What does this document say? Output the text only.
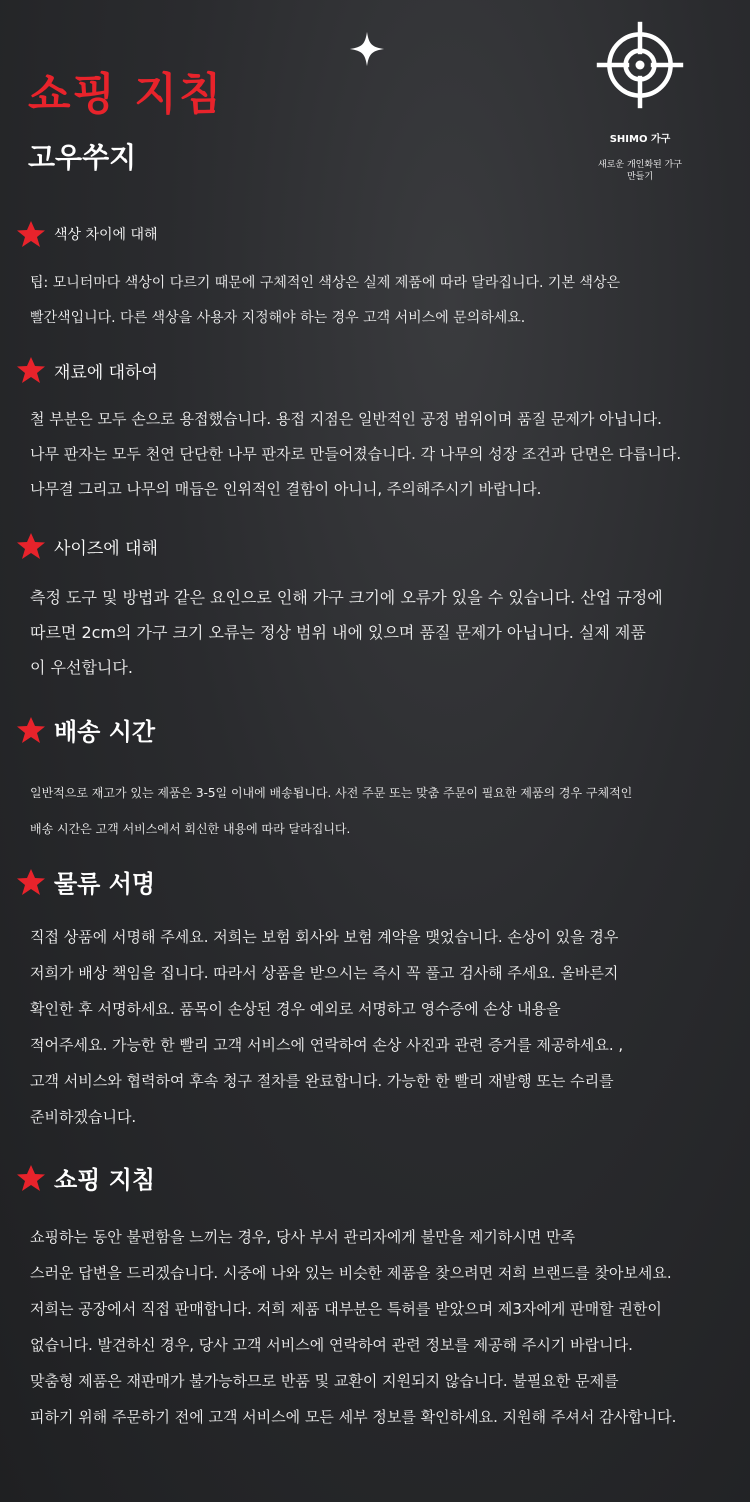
쇼핑 지침
고우쑤지
SHIMO 가구
새로운 개인화된 가구
만들기
색상 차이에 대해

팁: 모니터마다 색상이 다르기 때문에 구체적인 색상은 실제 제품에 따라 달라집니다. 기본 색상은
빨간색입니다. 다른 색상을 사용자 지정해야 하는 경우 고객 서비스에 문의하세요.

재료에 대하여

철 부분은 모두 손으로 용접했습니다. 용접 지점은 일반적인 공정 범위이며 품질 문제가 아닙니다.
나무 판자는 모두 천연 단단한 나무 판자로 만들어졌습니다. 각 나무의 성장 조건과 단면은 다릅니다.
나무결 그리고 나무의 매듭은 인위적인 결함이 아니니, 주의해주시기 바랍니다.

사이즈에 대해

측정 도구 및 방법과 같은 요인으로 인해 가구 크기에 오류가 있을 수 있습니다. 산업 규정에
따르면 2cm의 가구 크기 오류는 정상 범위 내에 있으며 품질 문제가 아닙니다. 실제 제품
이 우선합니다.

배송 시간

일반적으로 재고가 있는 제품은 3-5일 이내에 배송됩니다. 사전 주문 또는 맞춤 주문이 필요한 제품의 경우 구체적인
배송 시간은 고객 서비스에서 회신한 내용에 따라 달라집니다.

물류 서명

직접 상품에 서명해 주세요. 저희는 보험 회사와 보험 계약을 맺었습니다. 손상이 있을 경우
저희가 배상 책임을 집니다. 따라서 상품을 받으시는 즉시 꼭 풀고 검사해 주세요. 올바른지
확인한 후 서명하세요. 품목이 손상된 경우 예외로 서명하고 영수증에 손상 내용을
적어주세요. 가능한 한 빨리 고객 서비스에 연락하여 손상 사진과 관련 증거를 제공하세요. ,
고객 서비스와 협력하여 후속 청구 절차를 완료합니다. 가능한 한 빨리 재발행 또는 수리를
준비하겠습니다.

쇼핑 지침

쇼핑하는 동안 불편함을 느끼는 경우, 당사 부서 관리자에게 불만을 제기하시면 만족
스러운 답변을 드리겠습니다. 시중에 나와 있는 비슷한 제품을 찾으려면 저희 브랜드를 찾아보세요.
저희는 공장에서 직접 판매합니다. 저희 제품 대부분은 특허를 받았으며 제3자에게 판매할 권한이
없습니다. 발견하신 경우, 당사 고객 서비스에 연락하여 관련 정보를 제공해 주시기 바랍니다.
맞춤형 제품은 재판매가 불가능하므로 반품 및 교환이 지원되지 않습니다. 불필요한 문제를
피하기 위해 주문하기 전에 고객 서비스에 모든 세부 정보를 확인하세요. 지원해 주셔서 감사합니다.
